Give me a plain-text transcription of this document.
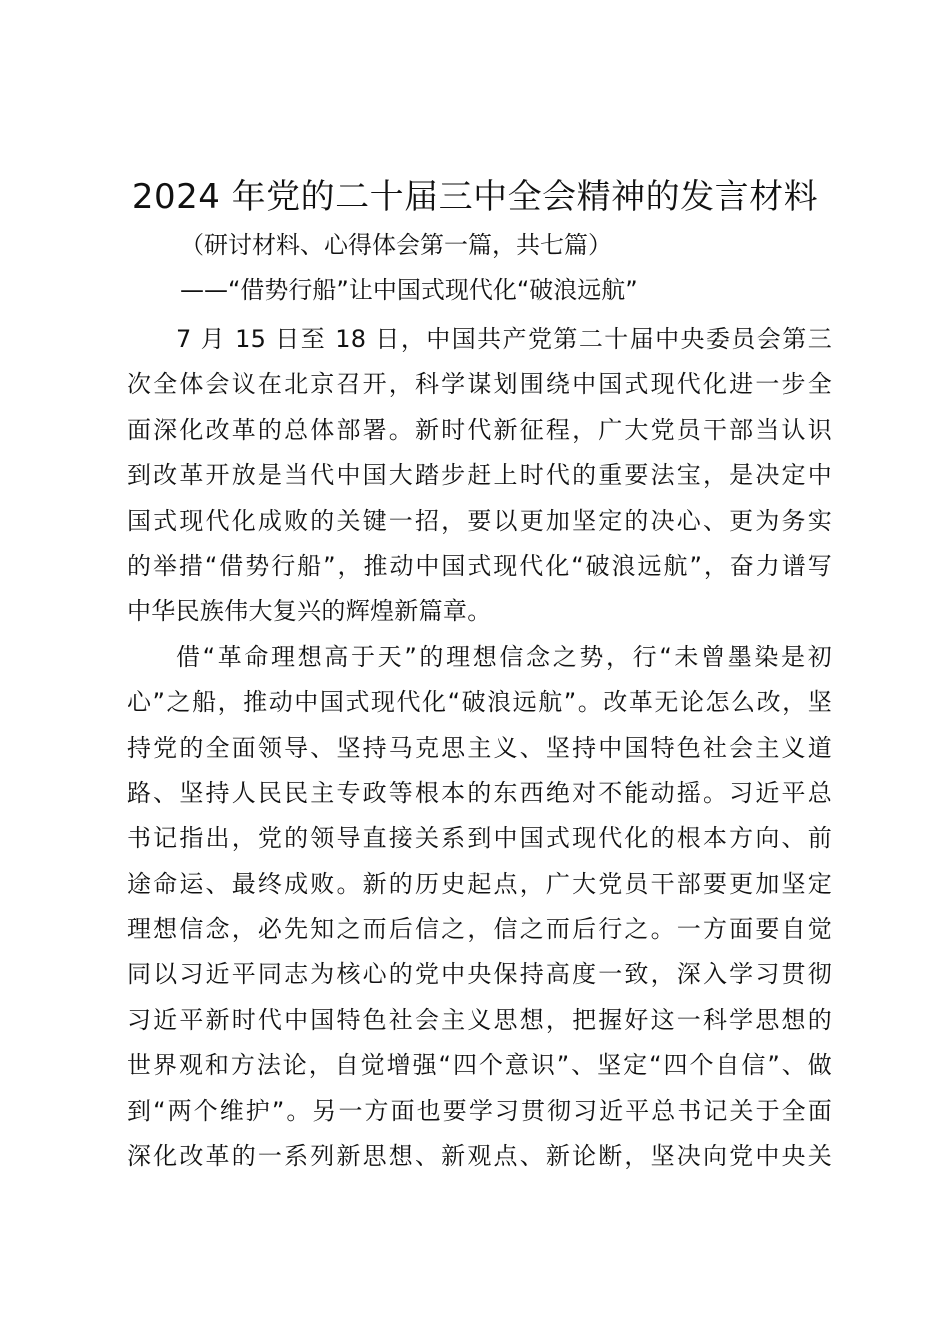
2024 年党的二十届三中全会精神的发言材料
（研讨材料、心得体会第一篇，共七篇）
——“借势行船”让中国式现代化“破浪远航”
7 月 15 日至 18 日，中国共产党第二十届中央委员会第三
次全体会议在北京召开，科学谋划围绕中国式现代化进一步全
面深化改革的总体部署。新时代新征程，广大党员干部当认识
到改革开放是当代中国大踏步赶上时代的重要法宝，是决定中
国式现代化成败的关键一招，要以更加坚定的决心、更为务实
的举措“借势行船”，推动中国式现代化“破浪远航”，奋力谱写
中华民族伟大复兴的辉煌新篇章。
借“革命理想高于天”的理想信念之势，行“未曾墨染是初
心”之船，推动中国式现代化“破浪远航”。改革无论怎么改，坚
持党的全面领导、坚持马克思主义、坚持中国特色社会主义道
路、坚持人民民主专政等根本的东西绝对不能动摇。习近平总
书记指出，党的领导直接关系到中国式现代化的根本方向、前
途命运、最终成败。新的历史起点，广大党员干部要更加坚定
理想信念，必先知之而后信之，信之而后行之。一方面要自觉
同以习近平同志为核心的党中央保持高度一致，深入学习贯彻
习近平新时代中国特色社会主义思想，把握好这一科学思想的
世界观和方法论，自觉增强“四个意识”、坚定“四个自信”、做
到“两个维护”。另一方面也要学习贯彻习近平总书记关于全面
深化改革的一系列新思想、新观点、新论断，坚决向党中央关
